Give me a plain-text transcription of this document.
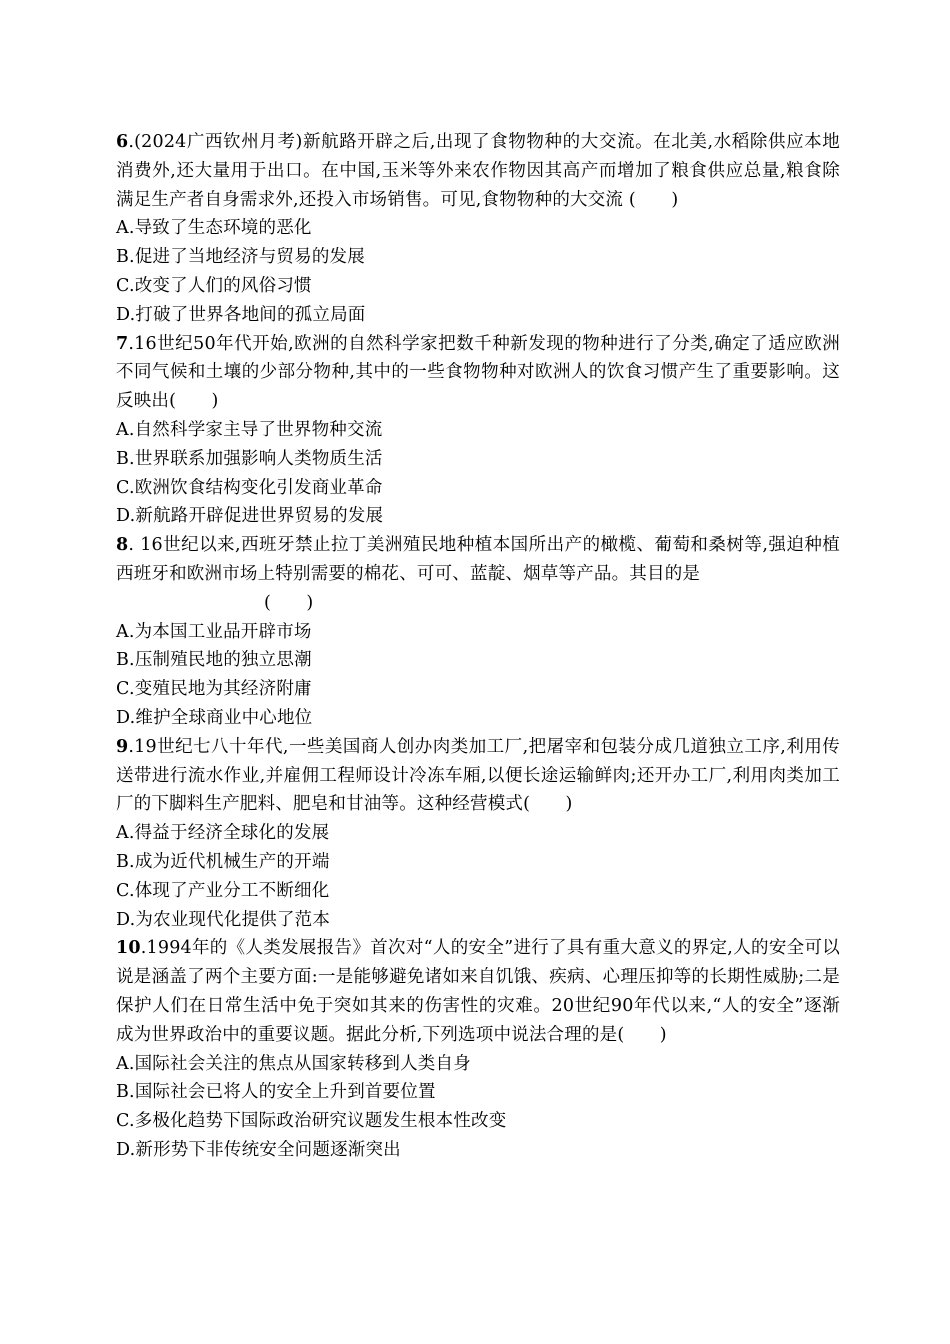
6.(2024广西钦州月考)新航路开辟之后,出现了食物物种的大交流。在北美,水稻除供应本地消费外,还大量用于出口。在中国,玉米等外来农作物因其高产而增加了粮食供应总量,粮食除满足生产者自身需求外,还投入市场销售。可见,食物物种的大交流 (　　)

A.导致了生态环境的恶化

B.促进了当地经济与贸易的发展

C.改变了人们的风俗习惯

D.打破了世界各地间的孤立局面

7.16世纪50年代开始,欧洲的自然科学家把数千种新发现的物种进行了分类,确定了适应欧洲不同气候和土壤的少部分物种,其中的一些食物物种对欧洲人的饮食习惯产生了重要影响。这反映出(　　)

A.自然科学家主导了世界物种交流

B.世界联系加强影响人类物质生活

C.欧洲饮食结构变化引发商业革命

D.新航路开辟促进世界贸易的发展

8. 16世纪以来,西班牙禁止拉丁美洲殖民地种植本国所出产的橄榄、葡萄和桑树等,强迫种植西班牙和欧洲市场上特别需要的棉花、可可、蓝靛、烟草等产品。其目的是

(　　)

A.为本国工业品开辟市场

B.压制殖民地的独立思潮

C.变殖民地为其经济附庸

D.维护全球商业中心地位

9.19世纪七八十年代,一些美国商人创办肉类加工厂,把屠宰和包装分成几道独立工序,利用传送带进行流水作业,并雇佣工程师设计冷冻车厢,以便长途运输鲜肉;还开办工厂,利用肉类加工厂的下脚料生产肥料、肥皂和甘油等。这种经营模式(　　)

A.得益于经济全球化的发展

B.成为近代机械生产的开端

C.体现了产业分工不断细化

D.为农业现代化提供了范本

10.1994年的《人类发展报告》首次对“人的安全”进行了具有重大意义的界定,人的安全可以说是涵盖了两个主要方面:一是能够避免诸如来自饥饿、疾病、心理压抑等的长期性威胁;二是保护人们在日常生活中免于突如其来的伤害性的灾难。20世纪90年代以来,“人的安全”逐渐成为世界政治中的重要议题。据此分析,下列选项中说法合理的是(　　)

A.国际社会关注的焦点从国家转移到人类自身

B.国际社会已将人的安全上升到首要位置

C.多极化趋势下国际政治研究议题发生根本性改变

D.新形势下非传统安全问题逐渐突出
